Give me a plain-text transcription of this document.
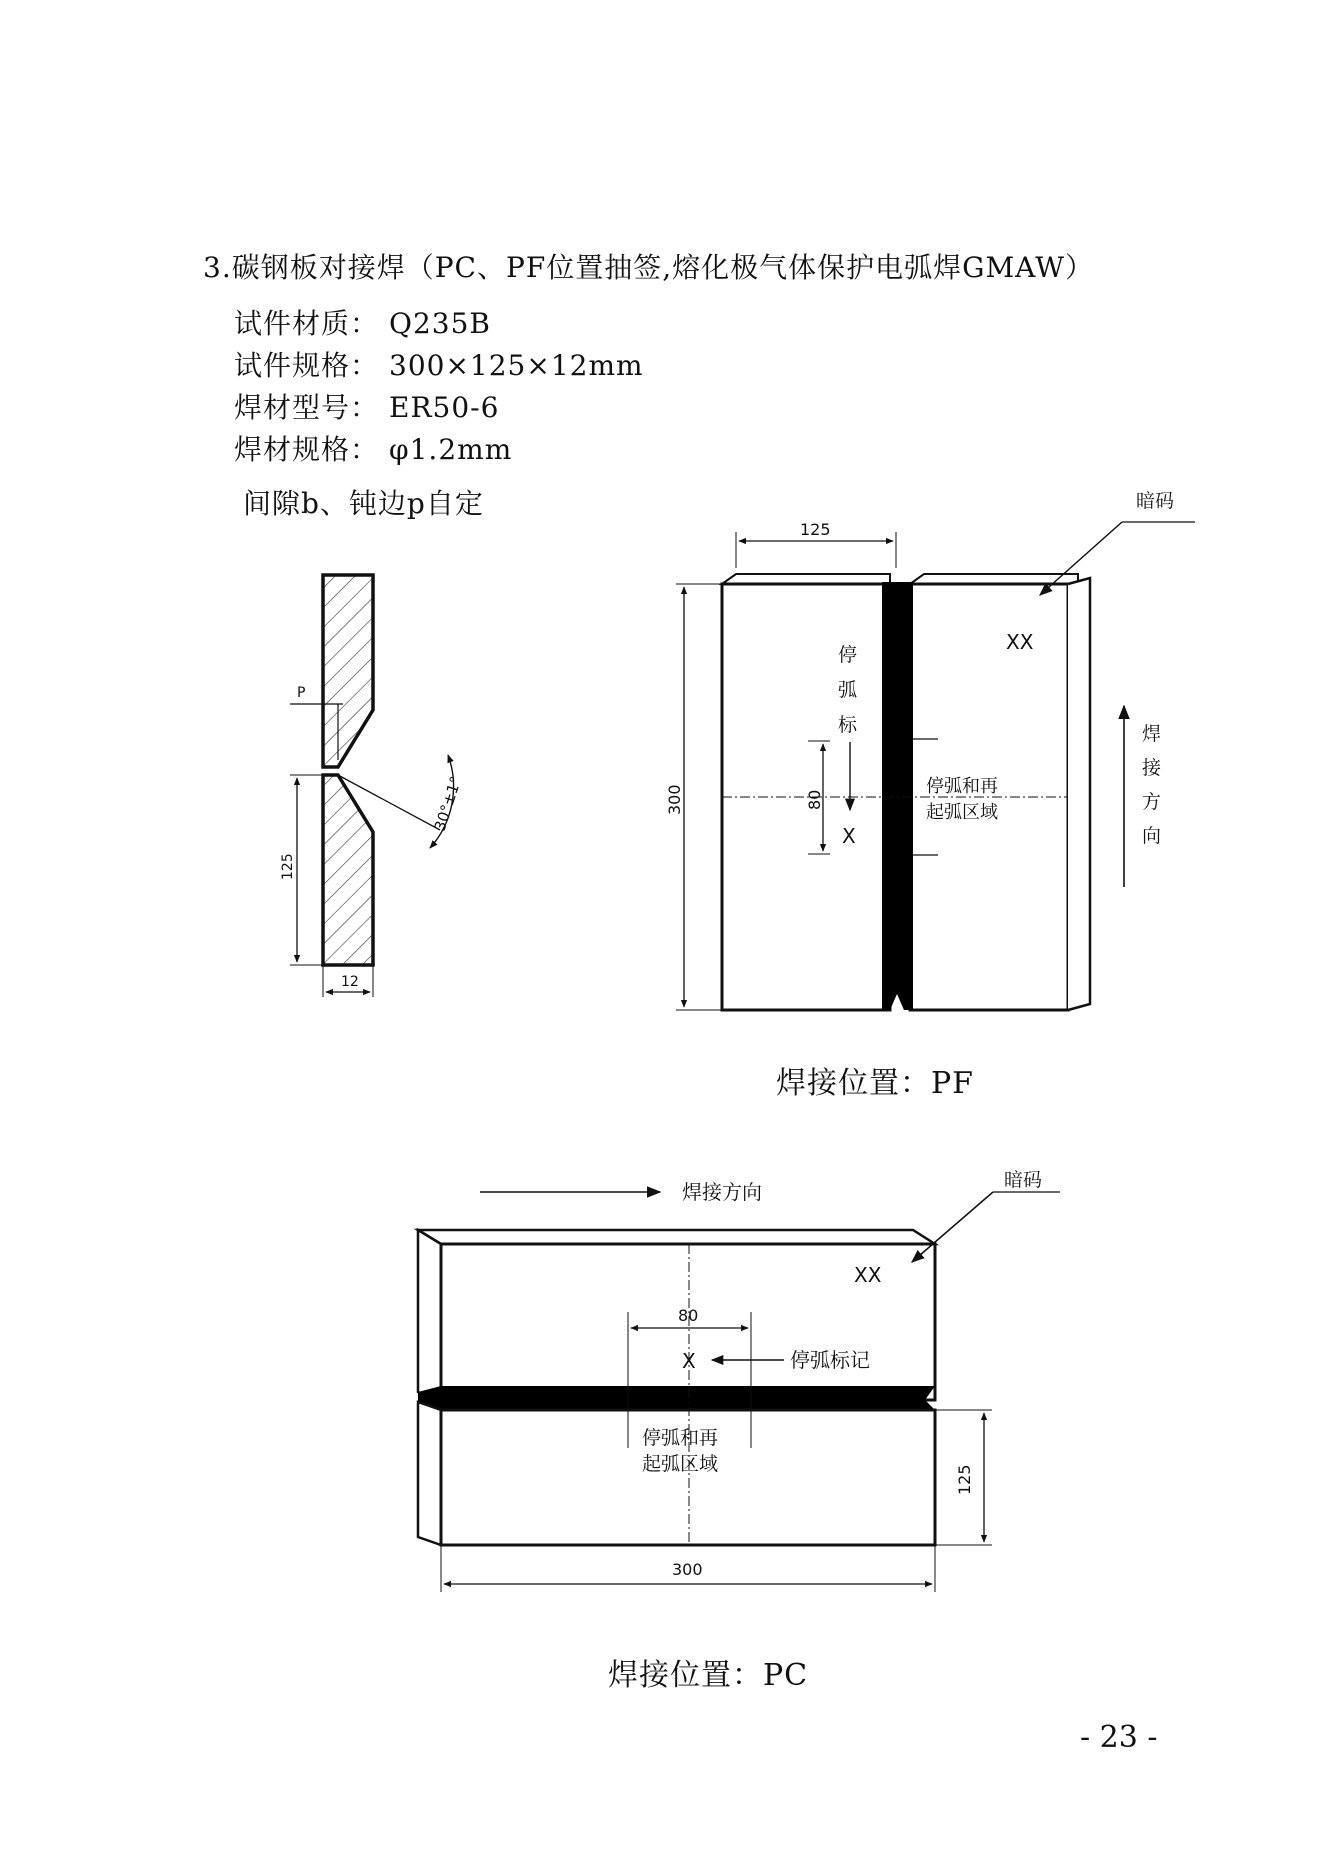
3.碳钢板对接焊（PC、PF位置抽签,熔化极气体保护电弧焊GMAW）
试件材质： Q235B
试件规格： 300×125×12mm
焊材型号： ER50-6
焊材规格： φ1.2mm
间隙b、钝边p自定
P
30°±1°
125
12
125
300	80
停
弧
标
X
停弧和再
起弧区域
XX
暗码
焊
接
方
向
焊接方向
80
X	停弧标记
停弧和再
起弧区域
XX
暗码
125
300
焊接位置：PF
焊接位置：PC
- 23 -
